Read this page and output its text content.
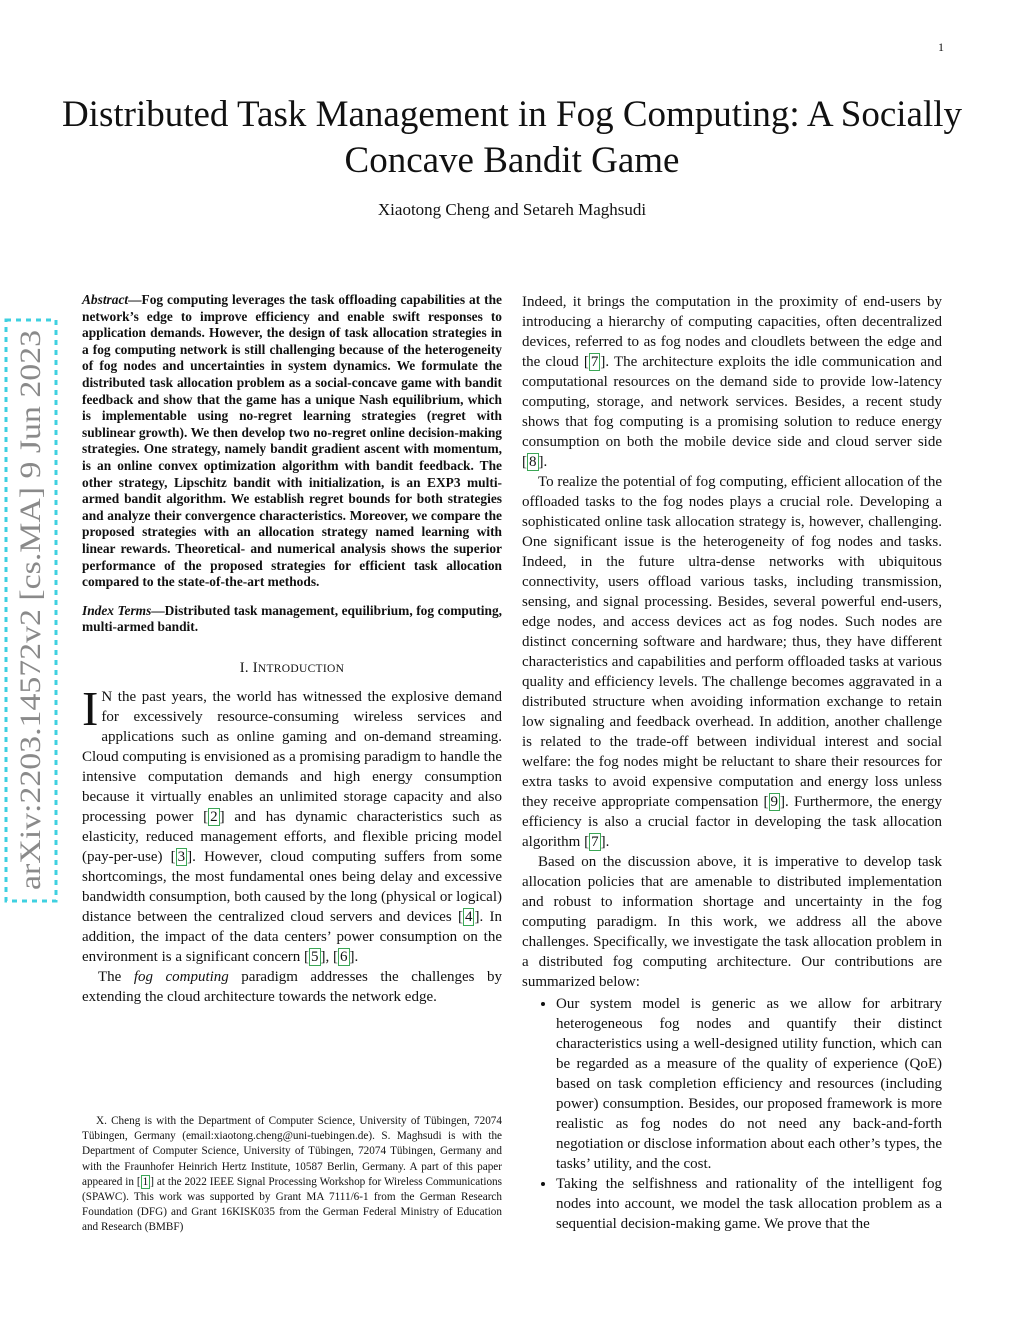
1
Distributed Task Management in Fog Computing: A Socially Concave Bandit Game
Xiaotong Cheng and Setareh Maghsudi
arXiv:2203.14572v2 [cs.MA] 9 Jun 2023
Abstract—Fog computing leverages the task offloading capabilities at the network’s edge to improve efficiency and enable swift responses to application demands. However, the design of task allocation strategies in a fog computing network is still challenging because of the heterogeneity of fog nodes and uncertainties in system dynamics. We formulate the distributed task allocation problem as a social-concave game with bandit feedback and show that the game has a unique Nash equilibrium, which is implementable using no-regret learning strategies (regret with sublinear growth). We then develop two no-regret online decision-making strategies. One strategy, namely bandit gradient ascent with momentum, is an online convex optimization algorithm with bandit feedback. The other strategy, Lipschitz bandit with initialization, is an EXP3 multi-armed bandit algorithm. We establish regret bounds for both strategies and analyze their convergence characteristics. Moreover, we compare the proposed strategies with an allocation strategy named learning with linear rewards. Theoretical- and numerical analysis shows the superior performance of the proposed strategies for efficient task allocation compared to the state-of-the-art methods.
Index Terms—Distributed task management, equilibrium, fog computing, multi-armed bandit.
I. INTRODUCTION

I N the past years, the world has witnessed the explosive demand for excessively resource-consuming wireless services and applications such as online gaming and on-demand streaming. Cloud computing is envisioned as a promising paradigm to handle the intensive computation demands and high energy consumption because it virtually enables an unlimited storage capacity and also processing power [ 2 ] and has dynamic characteristics such as elasticity, reduced management efforts, and flexible pricing model (pay-per-use) [ 3 ]. However, cloud computing suffers from some shortcomings, the most fundamental ones being delay and excessive bandwidth consumption, both caused by the long (physical or logical) distance between the centralized cloud servers and devices [ 4 ]. In addition, the impact of the data centers’ power consumption on the environment is a significant concern [ 5 ], [ 6 ].

The fog computing paradigm addresses the challenges by extending the cloud architecture towards the network edge.

X. Cheng is with the Department of Computer Science, University of Tübingen, 72074 Tübingen, Germany (email:xiaotong.cheng@uni-tuebingen.de). S. Maghsudi is with the Department of Computer Science, University of Tübingen, 72074 Tübingen, Germany and with the Fraunhofer Heinrich Hertz Institute, 10587 Berlin, Germany. A part of this paper appeared in [ 1 ] at the 2022 IEEE Signal Processing Workshop for Wireless Communications (SPAWC). This work was supported by Grant MA 7111/6-1 from the German Research Foundation (DFG) and Grant 16KISK035 from the German Federal Ministry of Education and Research (BMBF)

Indeed, it brings the computation in the proximity of end-users by introducing a hierarchy of computing capacities, often decentralized devices, referred to as fog nodes and cloudlets between the edge and the cloud [ 7 ]. The architecture exploits the idle communication and computational resources on the demand side to provide low-latency computing, storage, and network services. Besides, a recent study shows that fog computing is a promising solution to reduce energy consumption on both the mobile device side and cloud server side [ 8 ].

To realize the potential of fog computing, efficient allocation of the offloaded tasks to the fog nodes plays a crucial role. Developing a sophisticated online task allocation strategy is, however, challenging. One significant issue is the heterogeneity of fog nodes and tasks. Indeed, in the future ultra-dense networks with ubiquitous connectivity, users offload various tasks, including transmission, sensing, and signal processing. Besides, several powerful end-users, edge nodes, and access devices act as fog nodes. Such nodes are distinct concerning software and hardware; thus, they have different characteristics and capabilities and perform offloaded tasks at various quality and efficiency levels. The challenge becomes aggravated in a distributed structure when avoiding information exchange to retain low signaling and feedback overhead. In addition, another challenge is related to the trade-off between individual interest and social welfare: the fog nodes might be reluctant to share their resources for extra tasks to avoid expensive computation and energy loss unless they receive appropriate compensation [ 9 ]. Furthermore, the energy efficiency is also a crucial factor in developing the task allocation algorithm [ 7 ].

Based on the discussion above, it is imperative to develop task allocation policies that are amenable to distributed implementation and robust to information shortage and uncertainty in the fog computing paradigm. In this work, we address all the above challenges. Specifically, we investigate the task allocation problem in a distributed fog computing architecture. Our contributions are summarized below:

• Our system model is generic as we allow for arbitrary heterogeneous fog nodes and quantify their distinct characteristics using a well-designed utility function, which can be regarded as a measure of the quality of experience (QoE) based on task completion efficiency and resources (including power) consumption. Besides, our proposed framework is more realistic as fog nodes do not need any back-and-forth negotiation or disclose information about each other’s types, the tasks’ utility, and the cost.
• Taking the selfishness and rationality of the intelligent fog nodes into account, we model the task allocation problem as a sequential decision-making game. We prove that the
